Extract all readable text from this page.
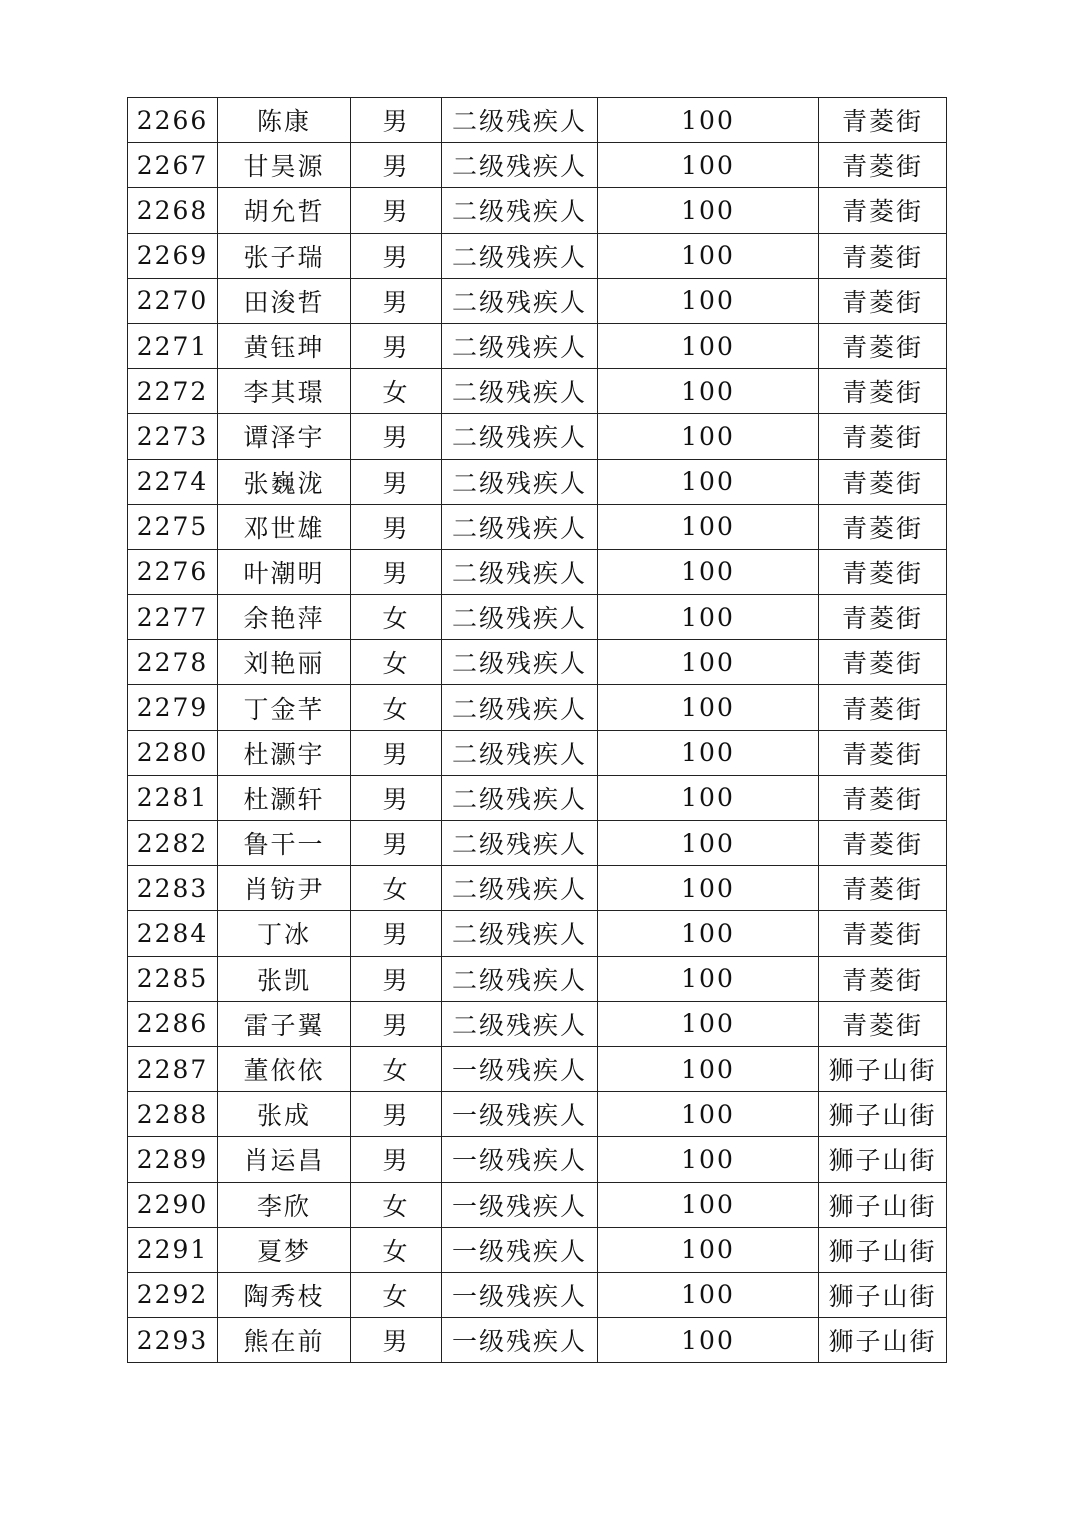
2266	陈康	男	二级残疾人	100	青菱街
2267	甘昊源	男	二级残疾人	100	青菱街
2268	胡允哲	男	二级残疾人	100	青菱街
2269	张子瑞	男	二级残疾人	100	青菱街
2270	田浚哲	男	二级残疾人	100	青菱街
2271	黄钰珅	男	二级残疾人	100	青菱街
2272	李其璟	女	二级残疾人	100	青菱街
2273	谭泽宇	男	二级残疾人	100	青菱街
2274	张巍泷	男	二级残疾人	100	青菱街
2275	邓世雄	男	二级残疾人	100	青菱街
2276	叶潮明	男	二级残疾人	100	青菱街
2277	余艳萍	女	二级残疾人	100	青菱街
2278	刘艳丽	女	二级残疾人	100	青菱街
2279	丁金芊	女	二级残疾人	100	青菱街
2280	杜灏宇	男	二级残疾人	100	青菱街
2281	杜灏轩	男	二级残疾人	100	青菱街
2282	鲁干一	男	二级残疾人	100	青菱街
2283	肖钫尹	女	二级残疾人	100	青菱街
2284	丁冰	男	二级残疾人	100	青菱街
2285	张凯	男	二级残疾人	100	青菱街
2286	雷子翼	男	二级残疾人	100	青菱街
2287	董依依	女	一级残疾人	100	狮子山街
2288	张成	男	一级残疾人	100	狮子山街
2289	肖运昌	男	一级残疾人	100	狮子山街
2290	李欣	女	一级残疾人	100	狮子山街
2291	夏梦	女	一级残疾人	100	狮子山街
2292	陶秀枝	女	一级残疾人	100	狮子山街
2293	熊在前	男	一级残疾人	100	狮子山街
